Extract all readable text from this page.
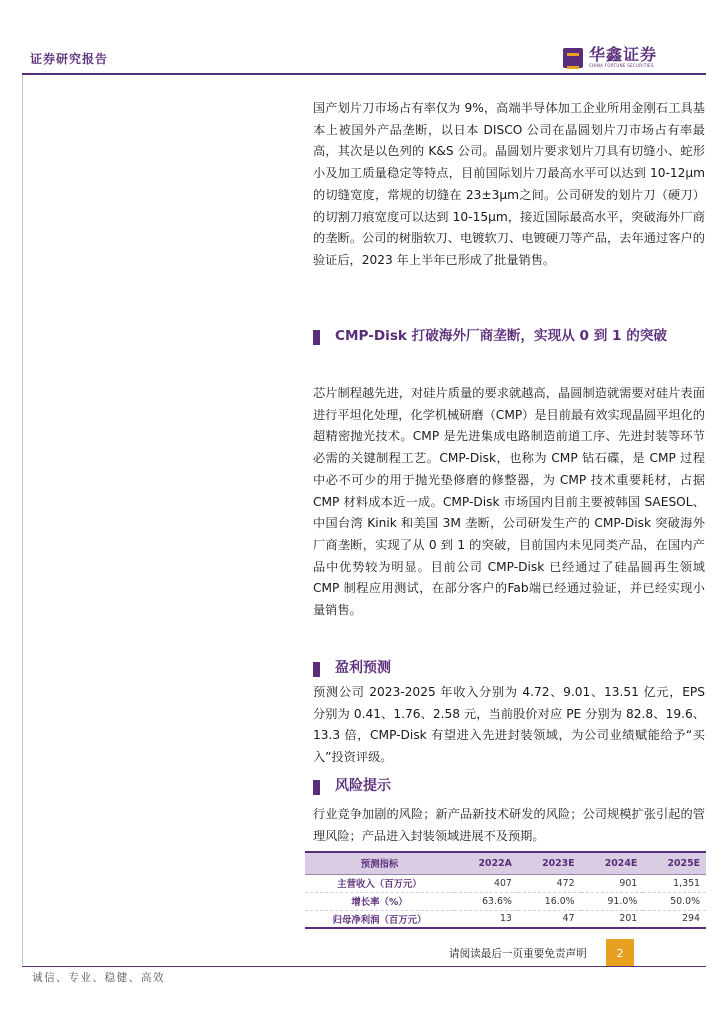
证券研究报告	华鑫证券
CHINA FORTUNE SECURITIES

国产划片刀市场占有率仅为 9%，高端半导体加工企业所用金刚石工具基本上被国外产品垄断，以日本 DISCO 公司在晶圆划片刀市场占有率最高，其次是以色列的 K&S 公司。晶圆划片要求划片刀具有切缝小、蛇形小及加工质量稳定等特点，目前国际划片刀最高水平可以达到 10-12μm的切缝宽度，常规的切缝在 23±3μm之间。公司研发的划片刀（硬刀）的切割刀痕宽度可以达到 10-15μm，接近国际最高水平，突破海外厂商的垄断。公司的树脂软刀、电镀软刀、电镀硬刀等产品，去年通过客户的验证后，2023 年上半年已形成了批量销售。

CMP-Disk 打破海外厂商垄断，实现从 0 到 1 的突破

芯片制程越先进，对硅片质量的要求就越高，晶圆制造就需要对硅片表面进行平坦化处理，化学机械研磨（CMP）是目前最有效实现晶圆平坦化的超精密抛光技术。CMP 是先进集成电路制造前道工序、先进封装等环节必需的关键制程工艺。CMP-Disk，也称为 CMP 钻石碟，是 CMP 过程中必不可少的用于抛光垫修磨的修整器，为 CMP 技术重要耗材，占据 CMP 材料成本近一成。CMP-Disk 市场国内目前主要被韩国 SAESOL、中国台湾 Kinik 和美国 3M 垄断，公司研发生产的 CMP-Disk 突破海外厂商垄断，实现了从 0 到 1 的突破，目前国内未见同类产品，在国内产品中优势较为明显。目前公司 CMP-Disk 已经通过了硅晶圆再生领域 CMP 制程应用测试，在部分客户的Fab端已经通过验证，并已经实现小量销售。

盈利预测

预测公司 2023-2025 年收入分别为 4.72、9.01、13.51 亿元，EPS 分别为 0.41、1.76、2.58 元，当前股价对应 PE 分别为 82.8、19.6、13.3 倍，CMP-Disk 有望进入先进封装领域，为公司业绩赋能给予“买入”投资评级。

风险提示

行业竞争加剧的风险；新产品新技术研发的风险；公司规模扩张引起的管理风险；产品进入封装领域进展不及预期。

预测指标	2022A	2023E	2024E	2025E
主营收入（百万元）	407	472	901	1,351
增长率（%）	63.6%	16.0%	91.0%	50.0%
归母净利润（百万元）	13	47	201	294
请阅读最后一页重要免责声明	2
诚信、专业、稳健、高效
